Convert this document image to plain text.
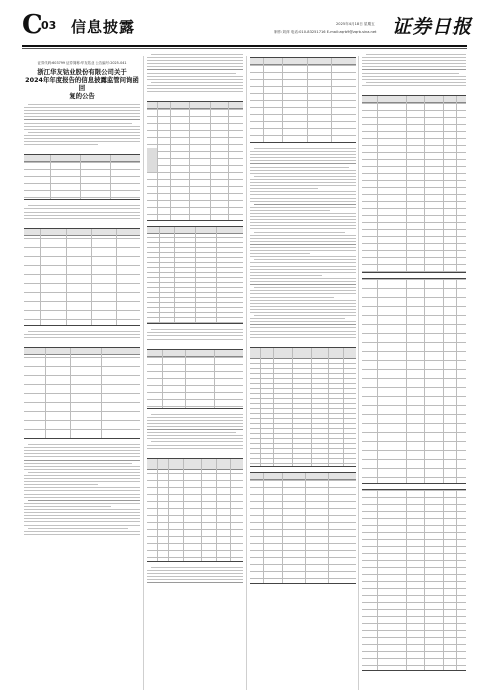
C
03 信息披露	2025年4月18日 星期五
制作:刘萍 电话:010-83251716 E-mail:zqrb9@zqrb.sina.net 证券日报
证券代码:603799 证券简称:华友钴业 公告编号:2025-041
浙江华友钴业股份有限公司关于
2024年年度报告的信息披露监管问询函回
复的公告
